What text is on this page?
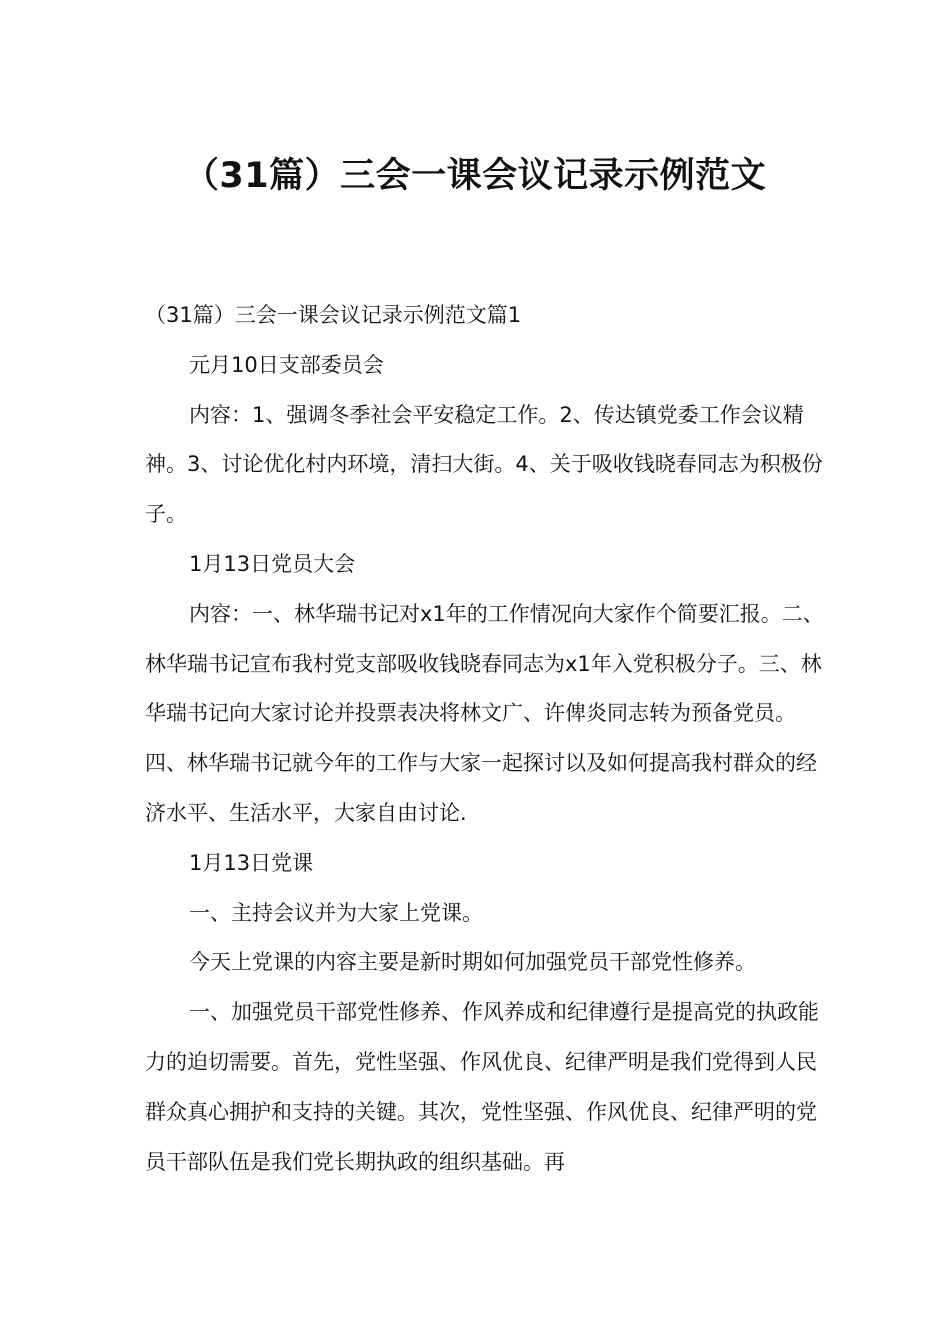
（31篇）三会一课会议记录示例范文

（31篇）三会一课会议记录示例范文篇1

元月10日支部委员会

内容：1、强调冬季社会平安稳定工作。2、传达镇党委工作会议精神。3、讨论优化村内环境，清扫大街。4、关于吸收钱晓春同志为积极份子。

1月13日党员大会

内容：一、林华瑞书记对x1年的工作情况向大家作个简要汇报。二、林华瑞书记宣布我村党支部吸收钱晓春同志为x1年入党积极分子。三、林华瑞书记向大家讨论并投票表决将林文广、许俾炎同志转为预备党员。四、林华瑞书记就今年的工作与大家一起探讨以及如何提高我村群众的经济水平、生活水平，大家自由讨论.

1月13日党课

一、主持会议并为大家上党课。

今天上党课的内容主要是新时期如何加强党员干部党性修养。

一、加强党员干部党性修养、作风养成和纪律遵行是提高党的执政能力的迫切需要。首先，党性坚强、作风优良、纪律严明是我们党得到人民群众真心拥护和支持的关键。其次，党性坚强、作风优良、纪律严明的党员干部队伍是我们党长期执政的组织基础。再
